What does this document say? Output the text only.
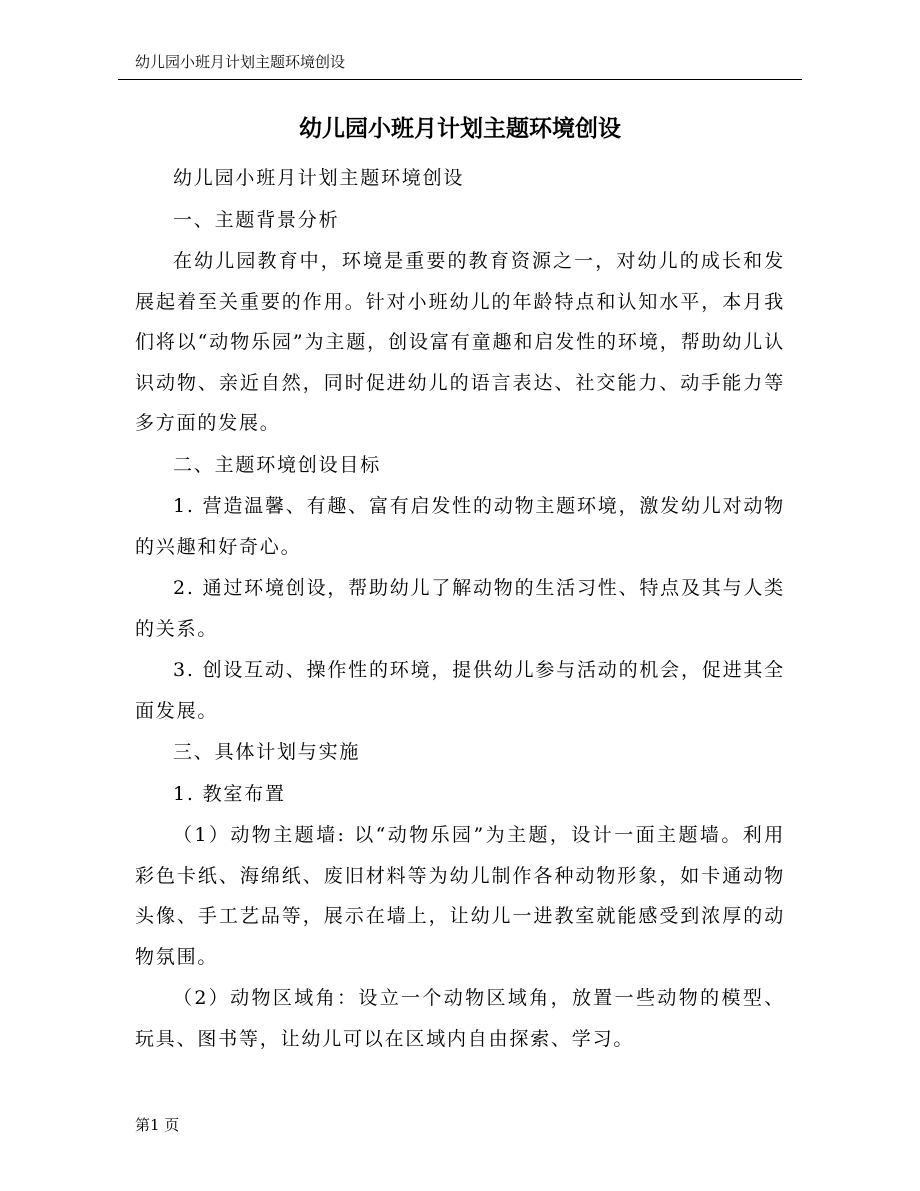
幼儿园小班月计划主题环境创设
幼儿园小班月计划主题环境创设

幼儿园小班月计划主题环境创设

一、主题背景分析

在幼儿园教育中，环境是重要的教育资源之一，对幼儿的成长和发展起着至关重要的作用。针对小班幼儿的年龄特点和认知水平，本月我们将以“动物乐园”为主题，创设富有童趣和启发性的环境，帮助幼儿认识动物、亲近自然，同时促进幼儿的语言表达、社交能力、动手能力等多方面的发展。

二、主题环境创设目标

1. 营造温馨、有趣、富有启发性的动物主题环境，激发幼儿对动物的兴趣和好奇心。

2. 通过环境创设，帮助幼儿了解动物的生活习性、特点及其与人类的关系。

3. 创设互动、操作性的环境，提供幼儿参与活动的机会，促进其全面发展。

三、具体计划与实施

1. 教室布置

（1）动物主题墙: 以“动物乐园”为主题，设计一面主题墙。利用彩色卡纸、海绵纸、废旧材料等为幼儿制作各种动物形象，如卡通动物头像、手工艺品等，展示在墙上，让幼儿一进教室就能感受到浓厚的动物氛围。

（2）动物区域角：设立一个动物区域角，放置一些动物的模型、玩具、图书等，让幼儿可以在区域内自由探索、学习。

第1 页
